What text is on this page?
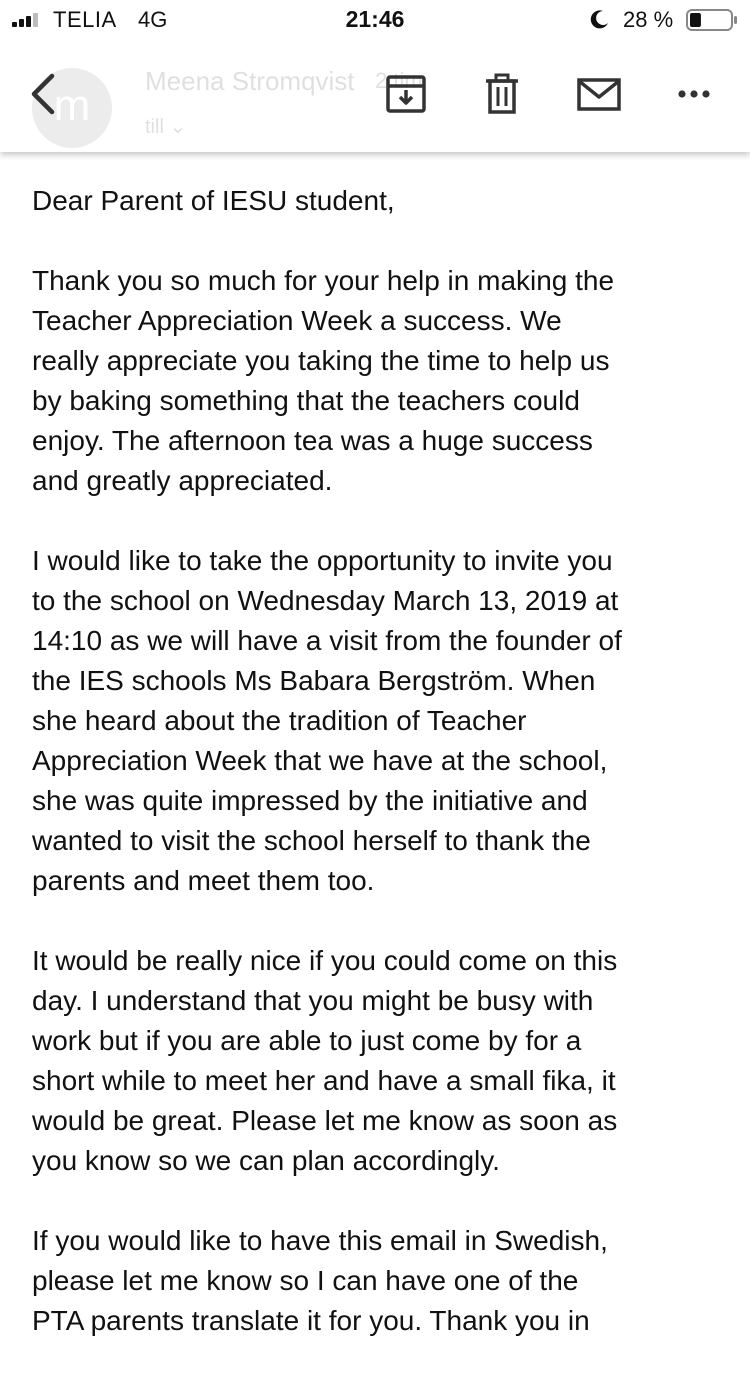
TELIA 4G	21:46	28 %
m	Meena Stromqvist 2 tim
till ⌄

Dear Parent of IESU student,

Thank you so much for your help in making the
Teacher Appreciation Week a success. We
really appreciate you taking the time to help us
by baking something that the teachers could
enjoy. The afternoon tea was a huge success
and greatly appreciated.

I would like to take the opportunity to invite you
to the school on Wednesday March 13, 2019 at
14:10 as we will have a visit from the founder of
the IES schools Ms Babara Bergström. When
she heard about the tradition of Teacher
Appreciation Week that we have at the school,
she was quite impressed by the initiative and
wanted to visit the school herself to thank the
parents and meet them too.

It would be really nice if you could come on this
day. I understand that you might be busy with
work but if you are able to just come by for a
short while to meet her and have a small fika, it
would be great. Please let me know as soon as
you know so we can plan accordingly.

If you would like to have this email in Swedish,
please let me know so I can have one of the
PTA parents translate it for you. Thank you in
